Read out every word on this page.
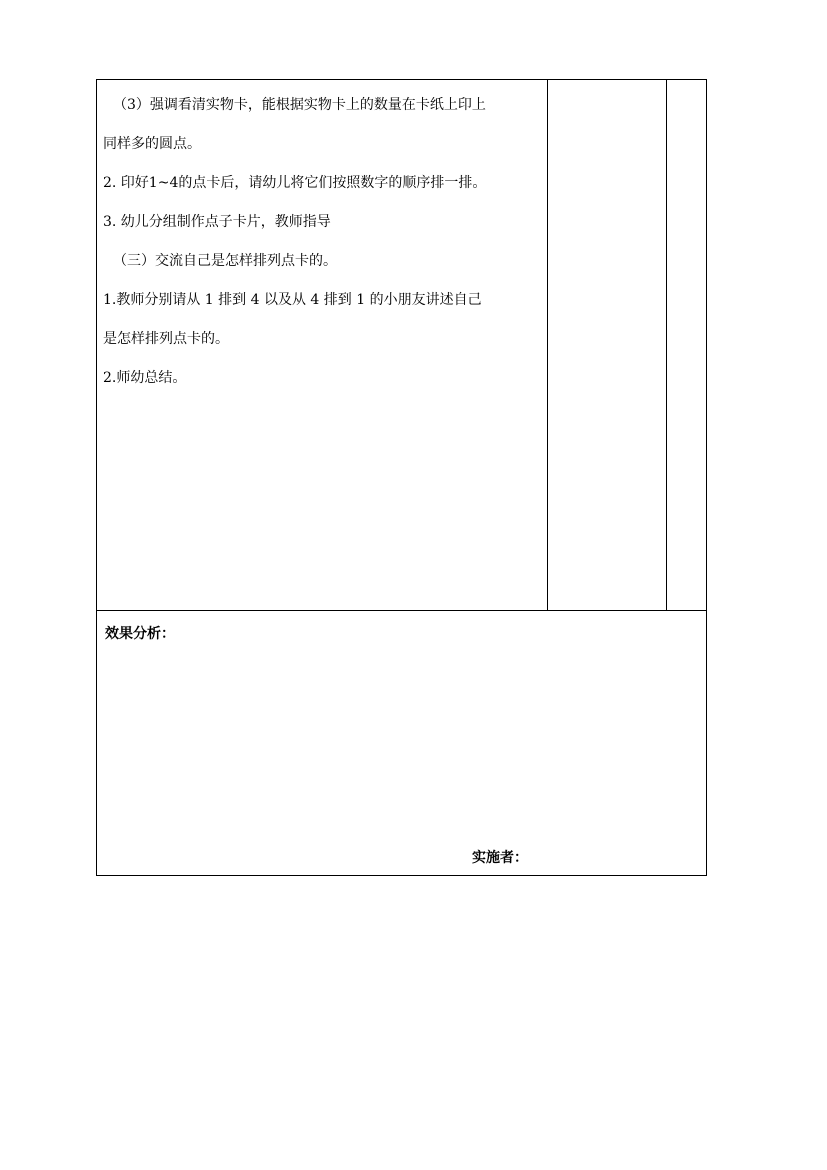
（3）强调看清实物卡，能根据实物卡上的数量在卡纸上印上

同样多的圆点。

2. 印好1~4的点卡后，请幼儿将它们按照数字的顺序排一排。

3. 幼儿分组制作点子卡片，教师指导

（三）交流自己是怎样排列点卡的。

1.教师分别请从 1 排到 4 以及从 4 排到 1 的小朋友讲述自己

是怎样排列点卡的。

2.师幼总结。

效果分析：
实施者：
